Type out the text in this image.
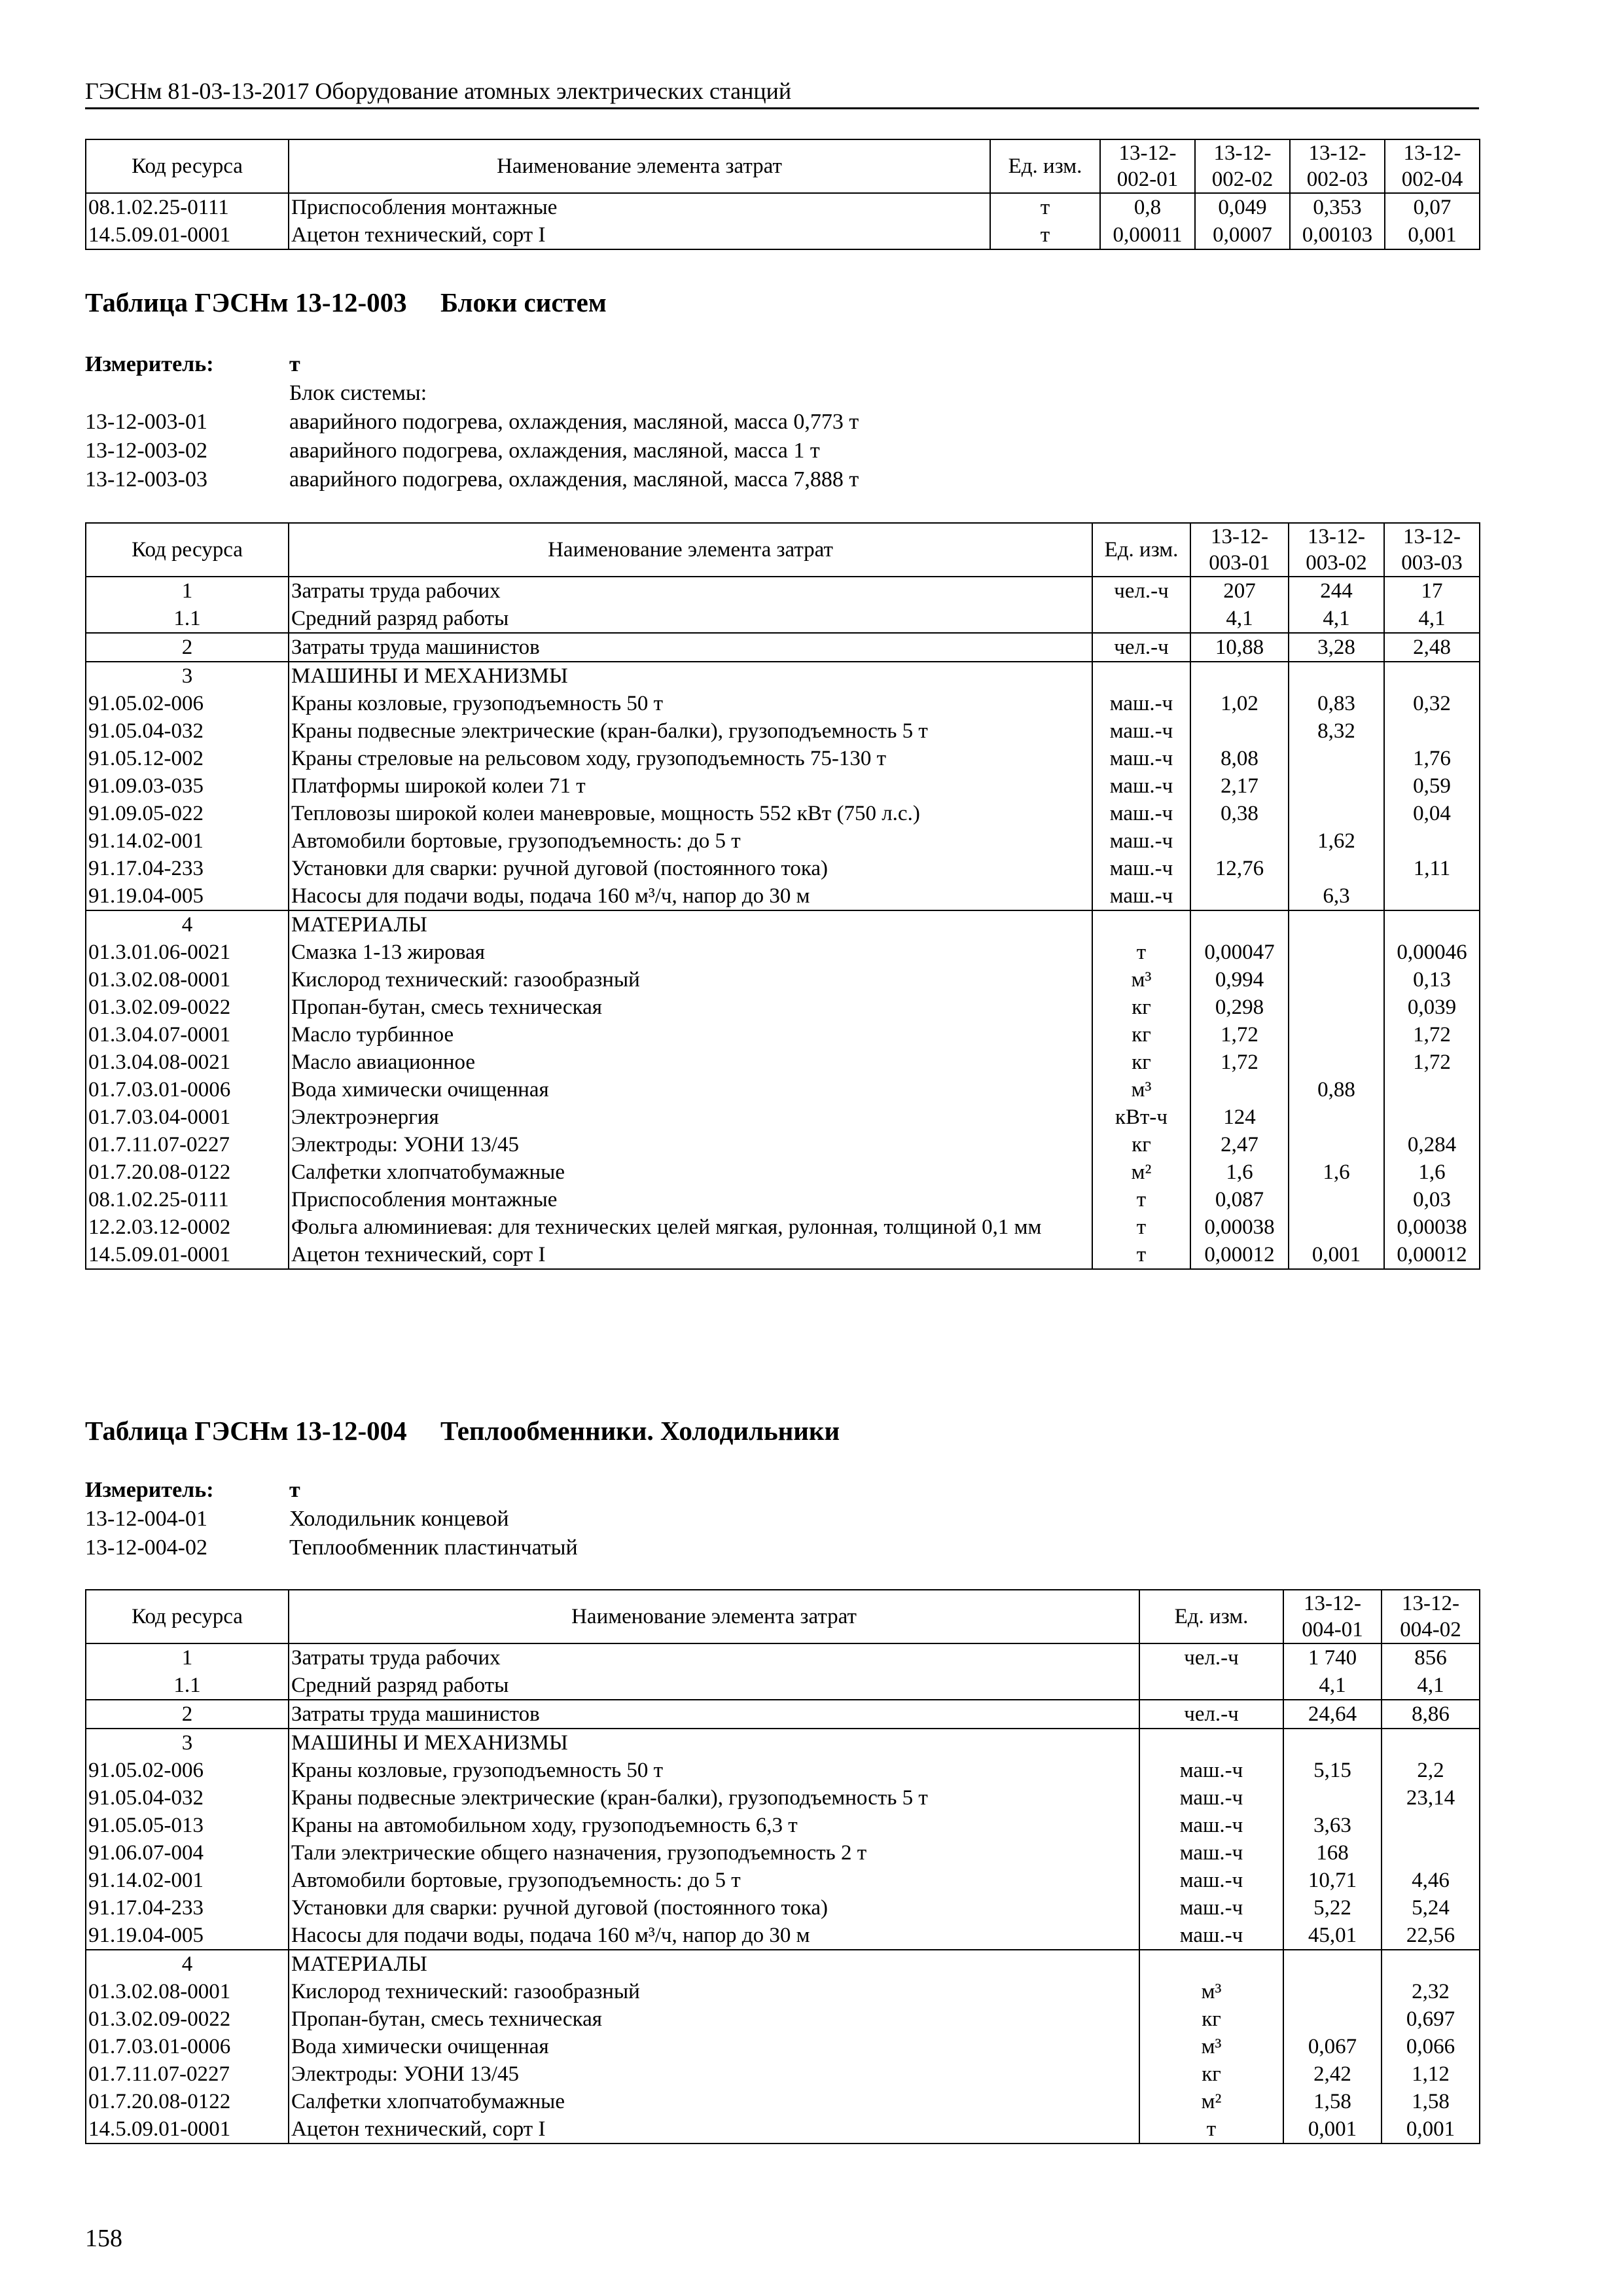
ГЭСНм 81-03-13-2017 Оборудование атомных электрических станций
Код ресурса	Наименование элемента затрат	Ед. изм.	13-12-002-01	13-12-002-02	13-12-002-03	13-12-002-04
08.1.02.25-0111	Приспособления монтажные	т	0,8	0,049	0,353	0,07
14.5.09.01-0001	Ацетон технический, сорт I	т	0,00011	0,0007	0,00103	0,001
Таблица ГЭСНм 13-12-003 Блоки систем
Измеритель:	т
Блок системы:
13-12-003-01	аварийного подогрева, охлаждения, масляной, масса 0,773 т
13-12-003-02	аварийного подогрева, охлаждения, масляной, масса 1 т
13-12-003-03	аварийного подогрева, охлаждения, масляной, масса 7,888 т
Код ресурса	Наименование элемента затрат	Ед. изм.	13-12-003-01	13-12-003-02	13-12-003-03
1	Затраты труда рабочих	чел.-ч	207	244	17
1.1	Средний разряд работы		4,1	4,1	4,1
2	Затраты труда машинистов	чел.-ч	10,88	3,28	2,48
3	МАШИНЫ И МЕХАНИЗМЫ				
91.05.02-006	Краны козловые, грузоподъемность 50 т	маш.-ч	1,02	0,83	0,32
91.05.04-032	Краны подвесные электрические (кран-балки), грузоподъемность 5 т	маш.-ч		8,32	
91.05.12-002	Краны стреловые на рельсовом ходу, грузоподъемность 75-130 т	маш.-ч	8,08		1,76
91.09.03-035	Платформы широкой колеи 71 т	маш.-ч	2,17		0,59
91.09.05-022	Тепловозы широкой колеи маневровые, мощность 552 кВт (750 л.с.)	маш.-ч	0,38		0,04
91.14.02-001	Автомобили бортовые, грузоподъемность: до 5 т	маш.-ч		1,62	
91.17.04-233	Установки для сварки: ручной дуговой (постоянного тока)	маш.-ч	12,76		1,11
91.19.04-005	Насосы для подачи воды, подача 160 м³/ч, напор до 30 м	маш.-ч		6,3	
4	МАТЕРИАЛЫ				
01.3.01.06-0021	Смазка 1-13 жировая	т	0,00047		0,00046
01.3.02.08-0001	Кислород технический: газообразный	м³	0,994		0,13
01.3.02.09-0022	Пропан-бутан, смесь техническая	кг	0,298		0,039
01.3.04.07-0001	Масло турбинное	кг	1,72		1,72
01.3.04.08-0021	Масло авиационное	кг	1,72		1,72
01.7.03.01-0006	Вода химически очищенная	м³		0,88	
01.7.03.04-0001	Электроэнергия	кВт-ч	124		
01.7.11.07-0227	Электроды: УОНИ 13/45	кг	2,47		0,284
01.7.20.08-0122	Салфетки хлопчатобумажные	м²	1,6	1,6	1,6
08.1.02.25-0111	Приспособления монтажные	т	0,087		0,03
12.2.03.12-0002	Фольга алюминиевая: для технических целей мягкая, рулонная, толщиной 0,1 мм	т	0,00038		0,00038
14.5.09.01-0001	Ацетон технический, сорт I	т	0,00012	0,001	0,00012
Таблица ГЭСНм 13-12-004 Теплообменники. Холодильники
Измеритель:	т
13-12-004-01	Холодильник концевой
13-12-004-02	Теплообменник пластинчатый
Код ресурса	Наименование элемента затрат	Ед. изм.	13-12-004-01	13-12-004-02
1	Затраты труда рабочих	чел.-ч	1 740	856
1.1	Средний разряд работы		4,1	4,1
2	Затраты труда машинистов	чел.-ч	24,64	8,86
3	МАШИНЫ И МЕХАНИЗМЫ			
91.05.02-006	Краны козловые, грузоподъемность 50 т	маш.-ч	5,15	2,2
91.05.04-032	Краны подвесные электрические (кран-балки), грузоподъемность 5 т	маш.-ч		23,14
91.05.05-013	Краны на автомобильном ходу, грузоподъемность 6,3 т	маш.-ч	3,63	
91.06.07-004	Тали электрические общего назначения, грузоподъемность 2 т	маш.-ч	168	
91.14.02-001	Автомобили бортовые, грузоподъемность: до 5 т	маш.-ч	10,71	4,46
91.17.04-233	Установки для сварки: ручной дуговой (постоянного тока)	маш.-ч	5,22	5,24
91.19.04-005	Насосы для подачи воды, подача 160 м³/ч, напор до 30 м	маш.-ч	45,01	22,56
4	МАТЕРИАЛЫ			
01.3.02.08-0001	Кислород технический: газообразный	м³		2,32
01.3.02.09-0022	Пропан-бутан, смесь техническая	кг		0,697
01.7.03.01-0006	Вода химически очищенная	м³	0,067	0,066
01.7.11.07-0227	Электроды: УОНИ 13/45	кг	2,42	1,12
01.7.20.08-0122	Салфетки хлопчатобумажные	м²	1,58	1,58
14.5.09.01-0001	Ацетон технический, сорт I	т	0,001	0,001
158
